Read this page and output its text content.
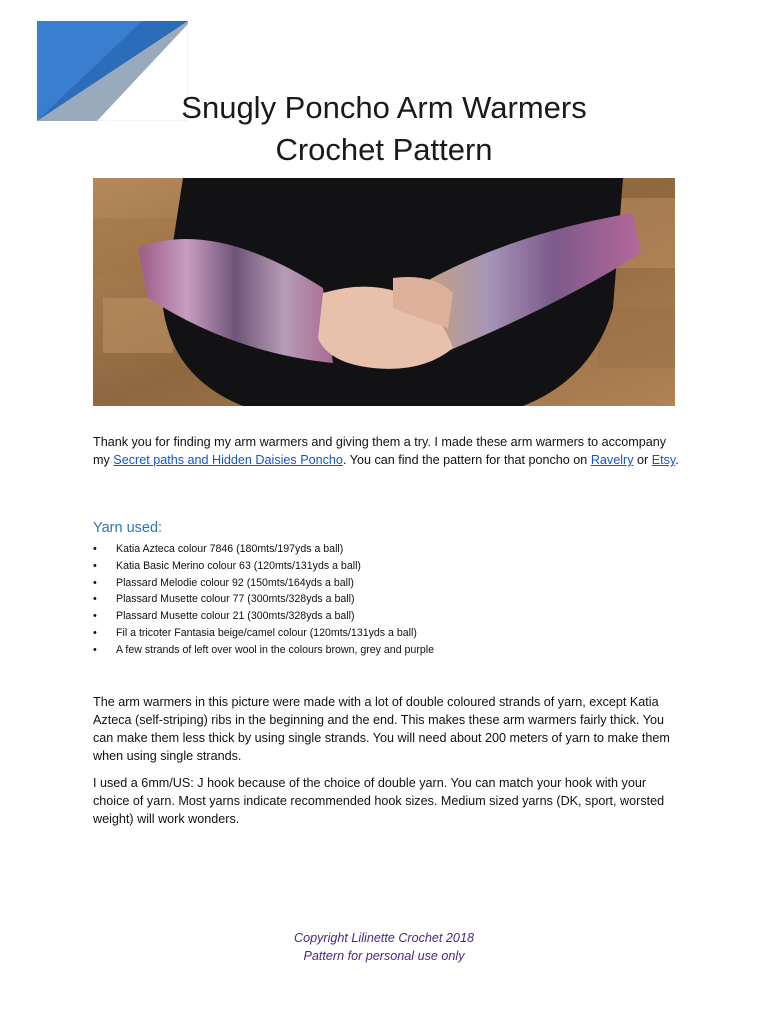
Snugly Poncho Arm Warmers
Crochet Pattern

Thank you for finding my arm warmers and giving them a try. I made these arm warmers to accompany my Secret paths and Hidden Daisies Poncho. You can find the pattern for that poncho on Ravelry or Etsy.

Yarn used:
• Katia Azteca colour 7846 (180mts/197yds a ball)
• Katia Basic Merino colour 63 (120mts/131yds a ball)
• Plassard Melodie colour 92 (150mts/164yds a ball)
• Plassard Musette colour 77 (300mts/328yds a ball)
• Plassard Musette colour 21 (300mts/328yds a ball)
• Fil a tricoter Fantasia beige/camel colour (120mts/131yds a ball)
• A few strands of left over wool in the colours brown, grey and purple

The arm warmers in this picture were made with a lot of double coloured strands of yarn, except Katia Azteca (self-striping) ribs in the beginning and the end. This makes these arm warmers fairly thick. You can make them less thick by using single strands. You will need about 200 meters of yarn to make them when using single strands.

I used a 6mm/US: J hook because of the choice of double yarn. You can match your hook with your choice of yarn. Most yarns indicate recommended hook sizes. Medium sized yarns (DK, sport, worsted weight) will work wonders.

Copyright Lilinette Crochet 2018

Pattern for personal use only
